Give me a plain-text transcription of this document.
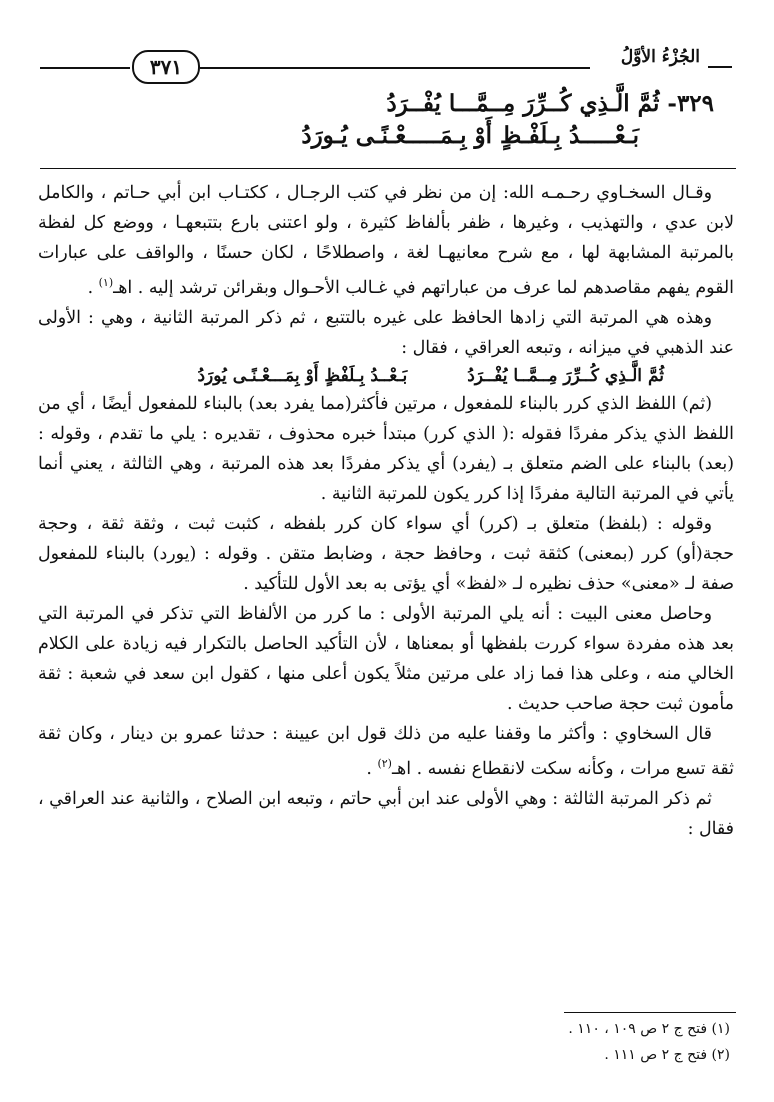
٣٧١	الجُزْءُ الأوَّلُ
٣٢٩- ثُمَّ الَّـذِي كُــرِّرَ مِــمَّـــا يُفْــرَدُ
بَـعْـــــدُ بِـلَفْـظٍ أَوْ بِـمَـــــعْـنًـى يُـورَدُ

وقـال السخـاوي رحـمـه الله: إن من نظر في كتب الرجـال ، ككتـاب ابن أبي حـاتم ، والكامل لابن عدي ، والتهذيب ، وغيرها ، ظفر بألفاظ كثيرة ، ولو اعتنى بارع بتتبعهـا ، ووضع كل لفظة بالمرتبة المشابهة لها ، مع شرح معانيهـا لغة ، واصطلاحًا ، لكان حسنًا ، والواقف على عبارات القوم يفهم مقاصدهم لما عرف من عباراتهم في غـالب الأحـوال وبقرائن ترشد إليه . اهـ$^{(١)}$ .

وهذه هي المرتبة التي زادها الحافظ على غيره بالتتبع ، ثم ذكر المرتبة الثانية ، وهي : الأولى عند الذهبي في ميزانه ، وتبعه العراقي ، فقال :

ثُمَّ الَّـذِي كُــرِّرَ مِــمَّــا يُفْــرَدُ
بَـعْــدُ بِـلَفْظٍ أَوْ بِمَـــعْـنًـى يُورَدُ

(ثم) اللفظ الذي كرر بالبناء للمفعول ، مرتين فأكثر(مما يفرد بعد) بالبناء للمفعول أيضًا ، أي من اللفظ الذي يذكر مفردًا فقوله :( الذي كرر) مبتدأ خبره محذوف ، تقديره : يلي ما تقدم ، وقوله : (بعد) بالبناء على الضم متعلق بـ (يفرد) أي يذكر مفردًا بعد هذه المرتبة ، وهي الثالثة ، يعني أنما يأتي في المرتبة التالية مفردًا إذا كرر يكون للمرتبة الثانية .

وقوله : (بلفظ) متعلق بـ (كرر) أي سواء كان كرر بلفظه ، كثبت ثبت ، وثقة ثقة ، وحجة حجة(أو) كرر (بمعنى) كثقة ثبت ، وحافظ حجة ، وضابط متقن . وقوله : (يورد) بالبناء للمفعول صفة لـ «معنى» حذف نظيره لـ «لفظ» أي يؤتى به بعد الأول للتأكيد .

وحاصل معنى البيت : أنه يلي المرتبة الأولى : ما كرر من الألفاظ التي تذكر في المرتبة التي بعد هذه مفردة سواء كررت بلفظها أو بمعناها ، لأن التأكيد الحاصل بالتكرار فيه زيادة على الكلام الخالي منه ، وعلى هذا فما زاد على مرتين مثلاً يكون أعلى منها ، كقول ابن سعد في شعبة : ثقة مأمون ثبت حجة صاحب حديث .

قال السخاوي : وأكثر ما وقفنا عليه من ذلك قول ابن عيينة : حدثنا عمرو بن دينار ، وكان ثقة ثقة تسع مرات ، وكأنه سكت لانقطاع نفسه . اهـ$^{(٢)}$ .

ثم ذكر المرتبة الثالثة : وهي الأولى عند ابن أبي حاتم ، وتبعه ابن الصلاح ، والثانية عند العراقي ، فقال :

(١) فتح ج ٢ ص ١٠٩ ، ١١٠ .
(٢) فتح ج ٢ ص ١١١ .
